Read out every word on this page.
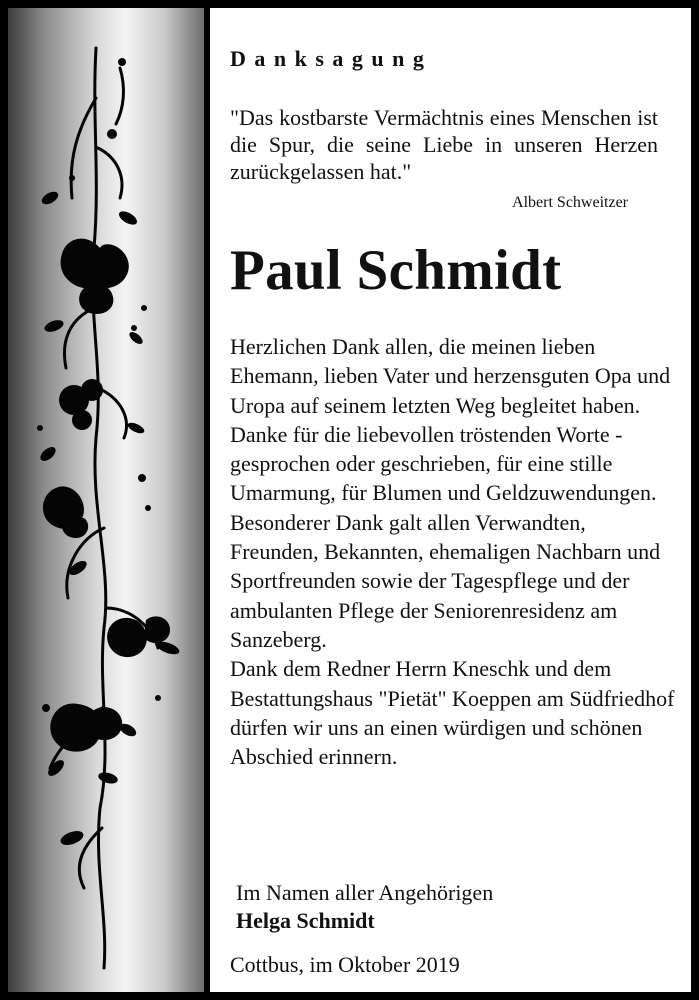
Danksagung
"Das kostbarste Vermächtnis eines Menschen ist die Spur, die seine Liebe in unseren Herzen zurückgelassen hat."
Albert Schweitzer
Paul Schmidt

Herzlichen Dank allen, die meinen lieben Ehemann, lieben Vater und herzensguten Opa und Uropa auf seinem letzten Weg begleitet haben.

Danke für die liebevollen tröstenden Worte - gesprochen oder geschrieben, für eine stille Umarmung, für Blumen und Geldzuwendungen.

Besonderer Dank galt allen Verwandten, Freunden, Bekannten, ehemaligen Nachbarn und Sportfreunden sowie der Tagespflege und der ambulanten Pflege der Seniorenresidenz am Sanzeberg.

Dank dem Redner Herrn Kneschk und dem Bestattungshaus "Pietät" Koeppen am Südfriedhof dürfen wir uns an einen würdigen und schönen Abschied erinnern.

Im Namen aller Angehörigen
Helga Schmidt
Cottbus, im Oktober 2019
